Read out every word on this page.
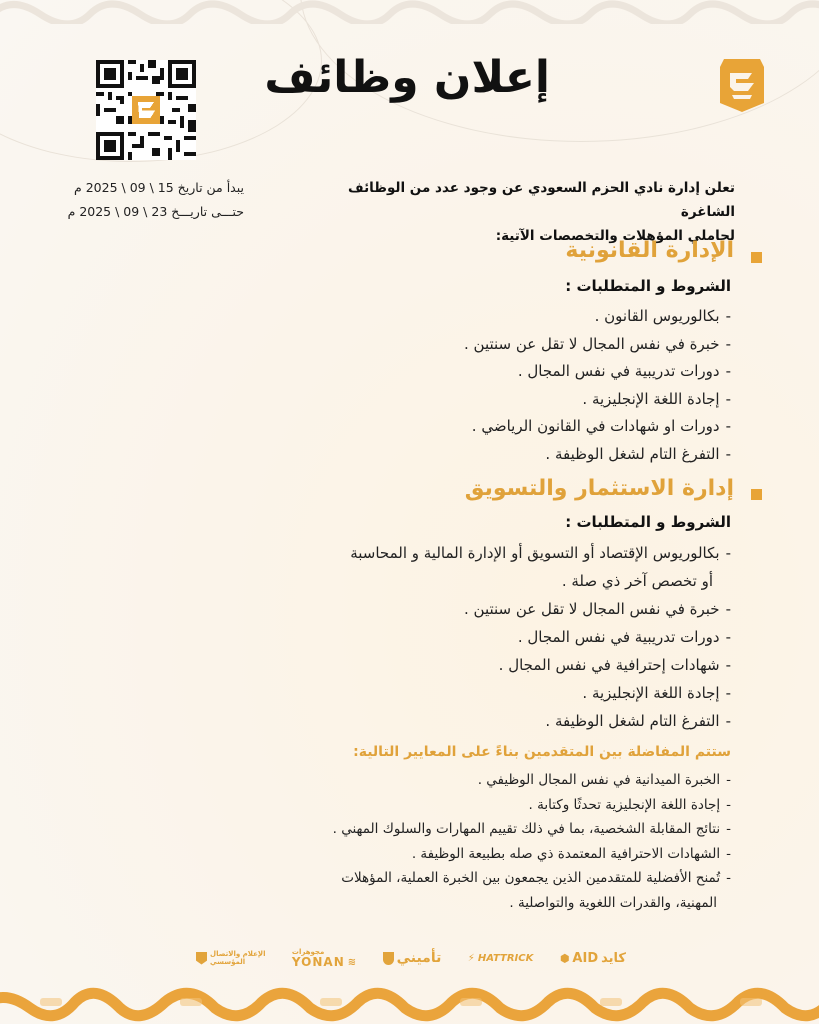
إعلان وظائف
يبدأ من تاريخ 15 \ 09 \ 2025 م
حتـــى تاريـــخ 23 \ 09 \ 2025 م
تعلن إدارة نادي الحزم السعودي عن وجود عدد من الوظائف الشاغرة
لحاملي المؤهلات والتخصصات الآتية:
الإدارة القانونية
الشروط و المتطلبات :
-بكالوريوس القانون .
-خبرة في نفس المجال لا تقل عن سنتين .
-دورات تدريبية في نفس المجال .
-إجادة اللغة الإنجليزية .
-دورات او شهادات في القانون الرياضي .
-التفرغ التام لشغل الوظيفة .
إدارة الاستثمار والتسويق
الشروط و المتطلبات :
-بكالوريوس الإقتصاد أو التسويق أو الإدارة المالية و المحاسبة
أو تخصص آخر ذي صلة .
-خبرة في نفس المجال لا تقل عن سنتين .
-دورات تدريبية في نفس المجال .
-شهادات إحترافية في نفس المجال .
-إجادة اللغة الإنجليزية .
-التفرغ التام لشغل الوظيفة .
ستتم المفاضلة بين المتقدمين بناءً على المعايير التالية:
-الخبرة الميدانية في نفس المجال الوظيفي .
-إجادة اللغة الإنجليزية تحدثًا وكتابة .
-نتائج المقابلة الشخصية، بما في ذلك تقييم المهارات والسلوك المهني .
-الشهادات الاحترافية المعتمدة ذي صله بطبيعة الوظيفة .
-تُمنح الأفضلية للمتقدمين الذين يجمعون بين الخبرة العملية، المؤهلات
المهنية، والقدرات اللغوية والتواصلية .
⬢ AID كايد
⚡ HATTRICK
تأميني
مجوهرات
YONAN ≋
الإعلام والاتصال
المؤسسي
